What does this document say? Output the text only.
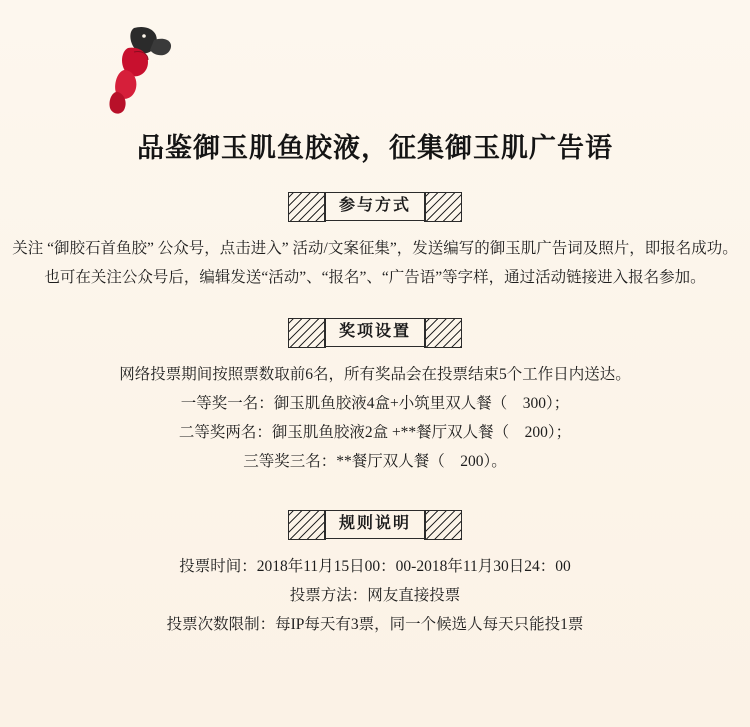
品鉴御玉肌鱼胶液，征集御玉肌广告语
参与方式
关注 “御胶石首鱼胶” 公众号，点击进入” 活动/文案征集”，发送编写的御玉肌广告词及照片，即报名成功。
也可在关注公众号后，编辑发送“活动”、“报名”、“广告语”等字样，通过活动链接进入报名参加。
奖项设置
网络投票期间按照票数取前6名，所有奖品会在投票结束5个工作日内送达。
一等奖一名：御玉肌鱼胶液4盒+小筑里双人餐（　300）；
二等奖两名：御玉肌鱼胶液2盒 +**餐厅双人餐（　200）；
三等奖三名：**餐厅双人餐（　200）。
规则说明
投票时间：2018年11月15日00：00-2018年11月30日24：00
投票方法：网友直接投票
投票次数限制：每IP每天有3票，同一个候选人每天只能投1票
